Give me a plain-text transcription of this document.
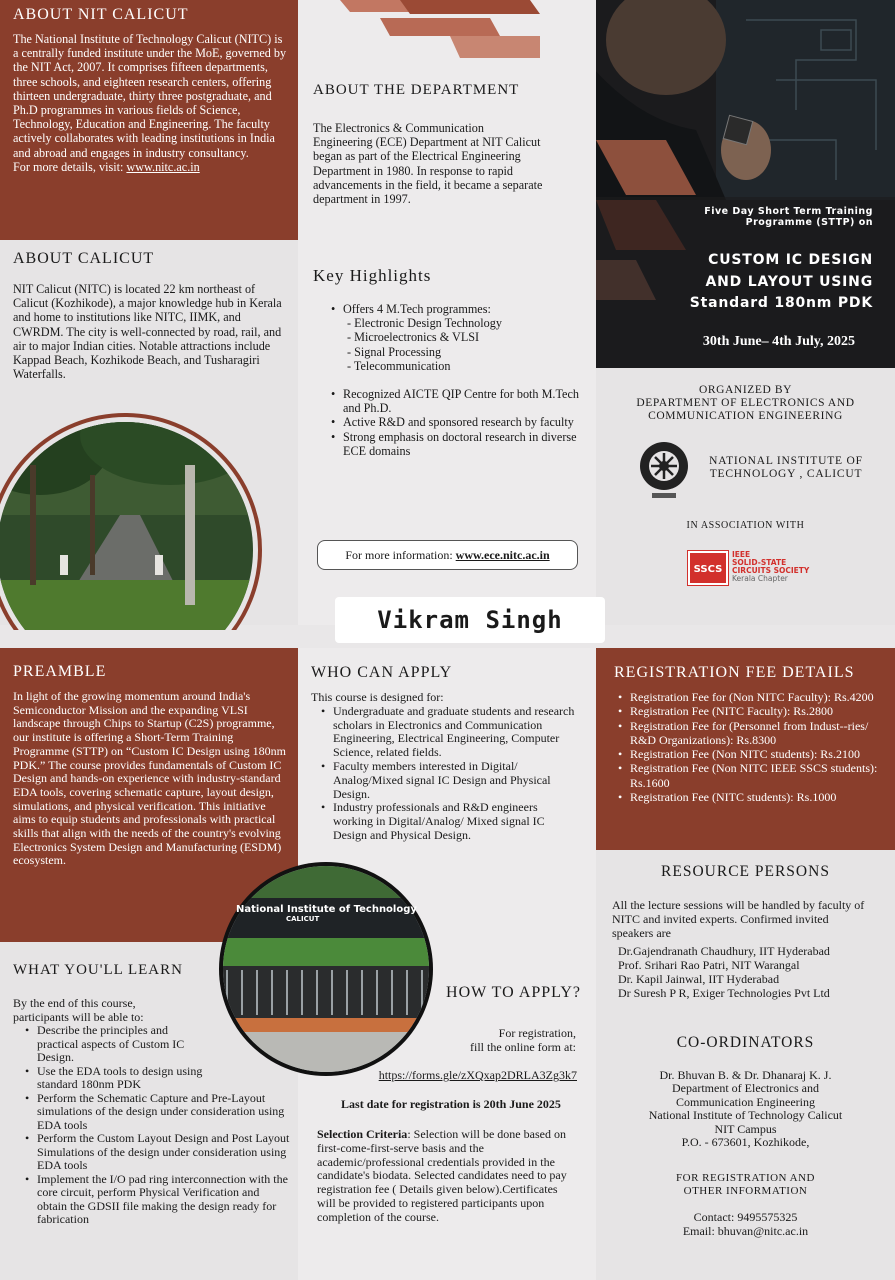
ABOUT NIT CALICUT

The National Institute of Technology Calicut (NITC) is a centrally funded institute under the MoE, governed by the NIT Act, 2007. It comprises fifteen departments, three schools, and eighteen research centers, offering thirteen undergraduate, thirty three postgraduate, and Ph.D programmes in various fields of Science, Technology, Education and Engineering. The faculty actively collaborates with leading institutions in India and abroad and engages in industry consultancy.

For more details, visit: www.nitc.ac.in

ABOUT CALICUT

NIT Calicut (NITC) is located 22 km northeast of Calicut (Kozhikode), a major knowledge hub in Kerala and home to institutions like NITC, IIMK, and CWRDM. The city is well-connected by road, rail, and air to major Indian cities. Notable attractions include Kappad Beach, Kozhikode Beach, and Tusharagiri Waterfalls.

ABOUT THE DEPARTMENT

The Electronics & Communication Engineering (ECE) Department at NIT Calicut began as part of the Electrical Engineering Department in 1980. In response to rapid advancements in the field, it became a separate department in 1997.

Key Highlights
• Offers 4 M.Tech programmes:
- Electronic Design Technology
- Microelectronics & VLSI
- Signal Processing
- Telecommunication
• Recognized AICTE QIP Centre for both M.Tech and Ph.D.
• Active R&D and sponsored research by faculty
• Strong emphasis on doctoral research in diverse ECE domains
For more information: www.ece.nitc.ac.in
Five Day Short Term Training
Programme (STTP) on
CUSTOM IC DESIGN
AND LAYOUT USING
Standard 180nm PDK
30th June– 4th July, 2025
ORGANIZED BY
DEPARTMENT OF ELECTRONICS AND
COMMUNICATION ENGINEERING
NATIONAL INSTITUTE OF
TECHNOLOGY , CALICUT
IN ASSOCIATION WITH
SSCS
IEEE
SOLID-STATE
CIRCUITS SOCIETY
Kerala Chapter
Vikram Singh
PREAMBLE

In light of the growing momentum around India's Semiconductor Mission and the expanding VLSI landscape through Chips to Startup (C2S) programme, our institute is offering a Short-Term Training Programme (STTP) on “Custom IC Design using 180nm PDK.” The course provides fundamentals of Custom IC Design and hands-on experience with industry-standard EDA tools, covering schematic capture, layout design, simulations, and physical verification. This initiative aims to equip students and professionals with practical skills that align with the needs of the country's evolving Electronics System Design and Manufacturing (ESDM) ecosystem.

WHAT YOU'LL LEARN

By the end of this course, participants will be able to:

• Describe the principles and practical aspects of Custom IC Design.
• Use the EDA tools to design using standard 180nm PDK
• Perform the Schematic Capture and Pre-Layout simulations of the design under consideration using EDA tools
• Perform the Custom Layout Design and Post Layout Simulations of the design under consideration using EDA tools
• Implement the I/O pad ring interconnection with the core circuit, perform Physical Verification and obtain the GDSII file making the design ready for fabrication
WHO CAN APPLY

This course is designed for:

• Undergraduate and graduate students and research scholars in Electronics and Communication Engineering, Electrical Engineering, Computer Science, related fields.
• Faculty members interested in Digital/ Analog/Mixed signal IC Design and Physical Design.
• Industry professionals and R&D engineers working in Digital/Analog/ Mixed signal IC Design and Physical Design.
National Institute of Technology
CALICUT
HOW TO APPLY?
For registration,
fill the online form at:
https://forms.gle/zXQxap2DRLA3Zg3k7
Last date for registration is 20th June 2025

Selection Criteria: Selection will be done based on first-come-first-serve basis and the academic/professional credentials provided in the candidate's biodata. Selected candidates need to pay registration fee ( Details given below).Certificates will be provided to registered participants upon completion of the course.

REGISTRATION FEE DETAILS
• Registration Fee for (Non NITC Faculty): Rs.4200
• Registration Fee (NITC Faculty): Rs.2800
• Registration Fee for (Personnel from Indust--ries/ R&D Organizations): Rs.8300
• Registration Fee (Non NITC students): Rs.2100
• Registration Fee (Non NITC IEEE SSCS students): Rs.1600
• Registration Fee (NITC students): Rs.1000
RESOURCE PERSONS

All the lecture sessions will be handled by faculty of NITC and invited experts. Confirmed invited speakers are

Dr.Gajendranath Chaudhury, IIT Hyderabad
Prof. Srihari Rao Patri, NIT Warangal
Dr. Kapil Jainwal, IIT Hyderabad
Dr Suresh P R, Exiger Technologies Pvt Ltd
CO-ORDINATORS
Dr. Bhuvan B. & Dr. Dhanaraj K. J.
Department of Electronics and
Communication Engineering
National Institute of Technology Calicut
NIT Campus
P.O. - 673601, Kozhikode,
FOR REGISTRATION AND
OTHER INFORMATION
Contact: 9495575325
Email: bhuvan@nitc.ac.in
